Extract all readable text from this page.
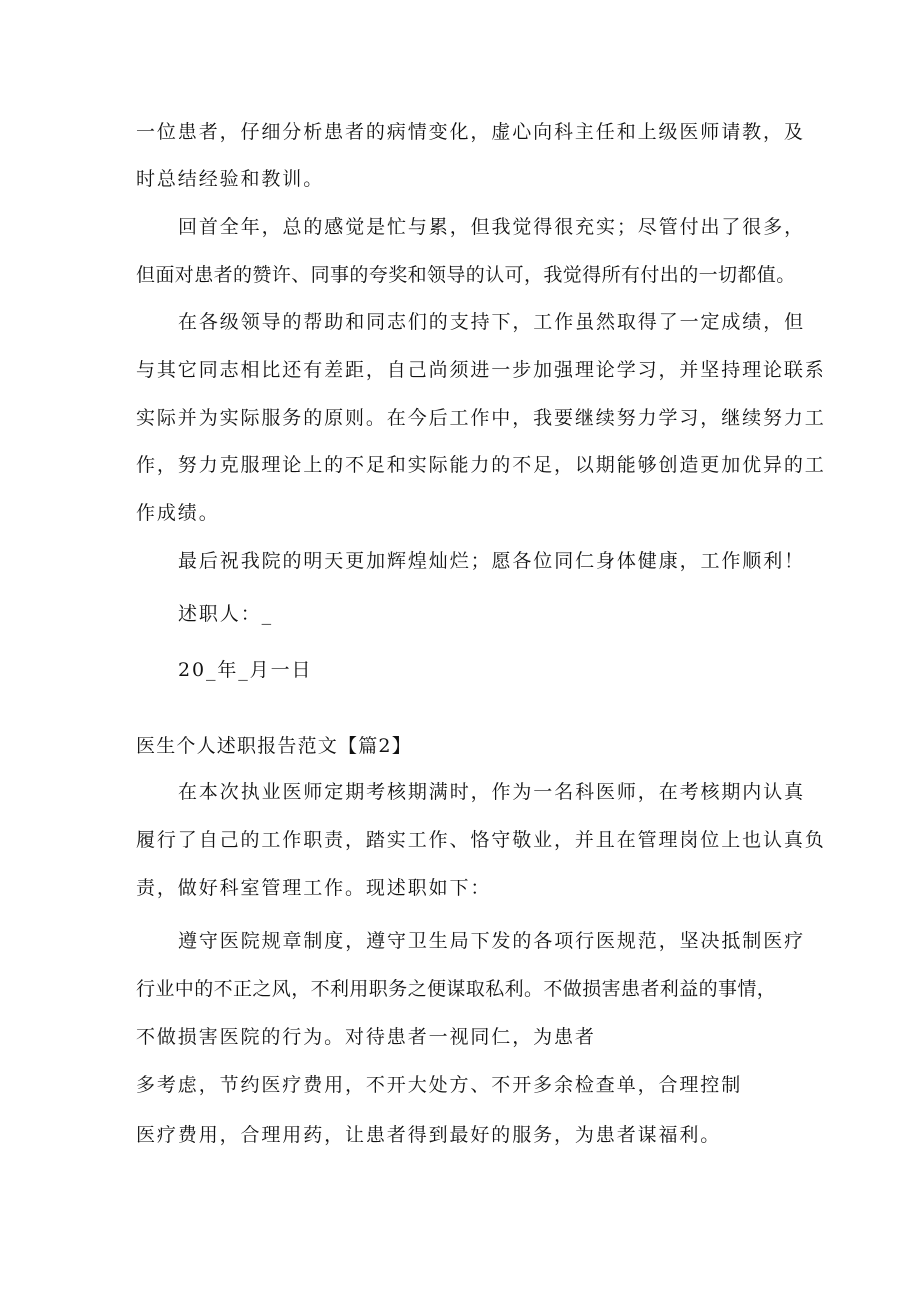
一位患者，仔细分析患者的病情变化，虚心向科主任和上级医师请教，及
时总结经验和教训。
回首全年，总的感觉是忙与累，但我觉得很充实；尽管付出了很多，
但面对患者的赞许、同事的夸奖和领导的认可，我觉得所有付出的一切都值。
在各级领导的帮助和同志们的支持下，工作虽然取得了一定成绩，但
与其它同志相比还有差距，自己尚须进一步加强理论学习，并坚持理论联系
实际并为实际服务的原则。在今后工作中，我要继续努力学习，继续努力工
作，努力克服理论上的不足和实际能力的不足，以期能够创造更加优异的工
作成绩。
最后祝我院的明天更加辉煌灿烂；愿各位同仁身体健康，工作顺利！
述职人：_
20_年_月一日
医生个人述职报告范文【篇2】
在本次执业医师定期考核期满时，作为一名科医师，在考核期内认真
履行了自己的工作职责，踏实工作、恪守敬业，并且在管理岗位上也认真负
责，做好科室管理工作。现述职如下：
遵守医院规章制度，遵守卫生局下发的各项行医规范，坚决抵制医疗
行业中的不正之风，不利用职务之便谋取私利。不做损害患者利益的事情，
不做损害医院的行为。对待患者一视同仁，为患者
多考虑，节约医疗费用，不开大处方、不开多余检查单，合理控制
医疗费用，合理用药，让患者得到最好的服务，为患者谋福利。
